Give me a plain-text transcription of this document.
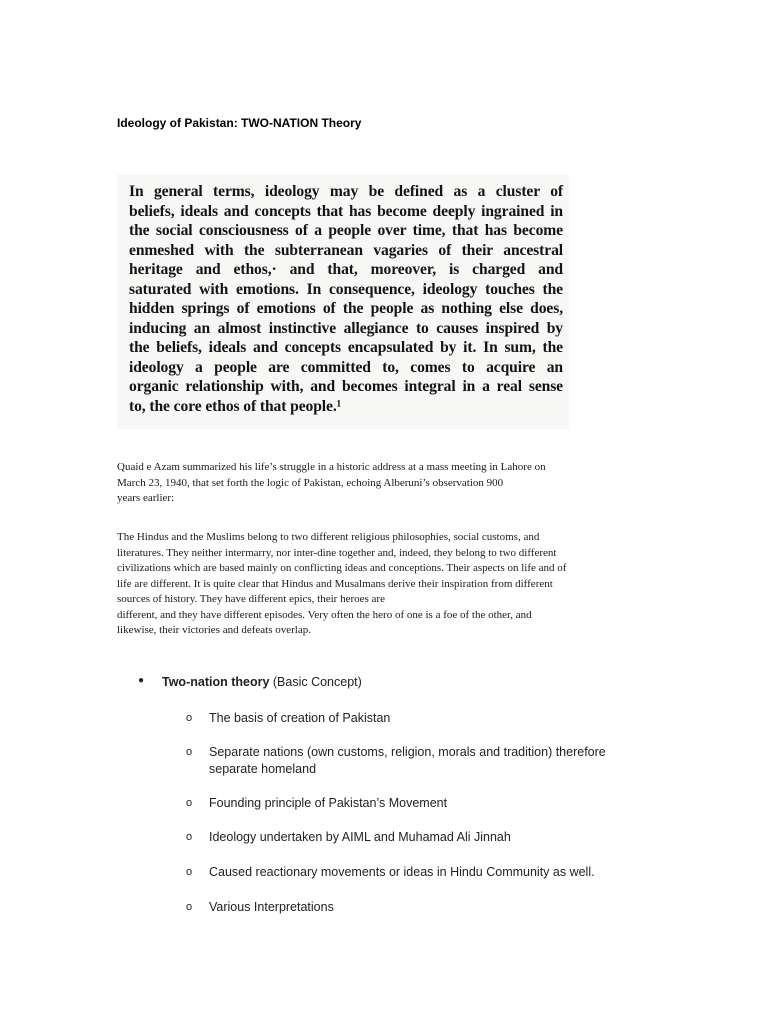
Ideology of Pakistan: TWO-NATION Theory
In general terms, ideology may be defined as a cluster of
beliefs, ideals and concepts that has become deeply ingrained in
the social consciousness of a people over time, that has become
enmeshed with the subterranean vagaries of their ancestral
heritage and ethos,· and that, moreover, is charged and
saturated with emotions. In consequence, ideology touches the
hidden springs of emotions of the people as nothing else does,
inducing an almost instinctive allegiance to causes inspired by
the beliefs, ideals and concepts encapsulated by it. In sum, the
ideology a people are committed to, comes to acquire an
organic relationship with, and becomes integral in a real sense
to, the core ethos of that people.¹
Quaid e Azam summarized his life’s struggle in a historic address at a mass meeting in Lahore on
March 23, 1940, that set forth the logic of Pakistan, echoing Alberuni’s observation 900
years earlier:
The Hindus and the Muslims belong to two different religious philosophies, social customs, and
literatures. They neither intermarry, nor inter-dine together and, indeed, they belong to two different
civilizations which are based mainly on conflicting ideas and conceptions. Their aspects on life and of
life are different. It is quite clear that Hindus and Musalmans derive their inspiration from different
sources of history. They have different epics, their heroes are
different, and they have different episodes. Very often the hero of one is a foe of the other, and
likewise, their victories and defeats overlap.
● Two-nation theory (Basic Concept)
o The basis of creation of Pakistan
o Separate nations (own customs, religion, morals and tradition) therefore separate homeland
o Founding principle of Pakistan’s Movement
o Ideology undertaken by AIML and Muhamad Ali Jinnah
o Caused reactionary movements or ideas in Hindu Community as well.
o Various Interpretations
